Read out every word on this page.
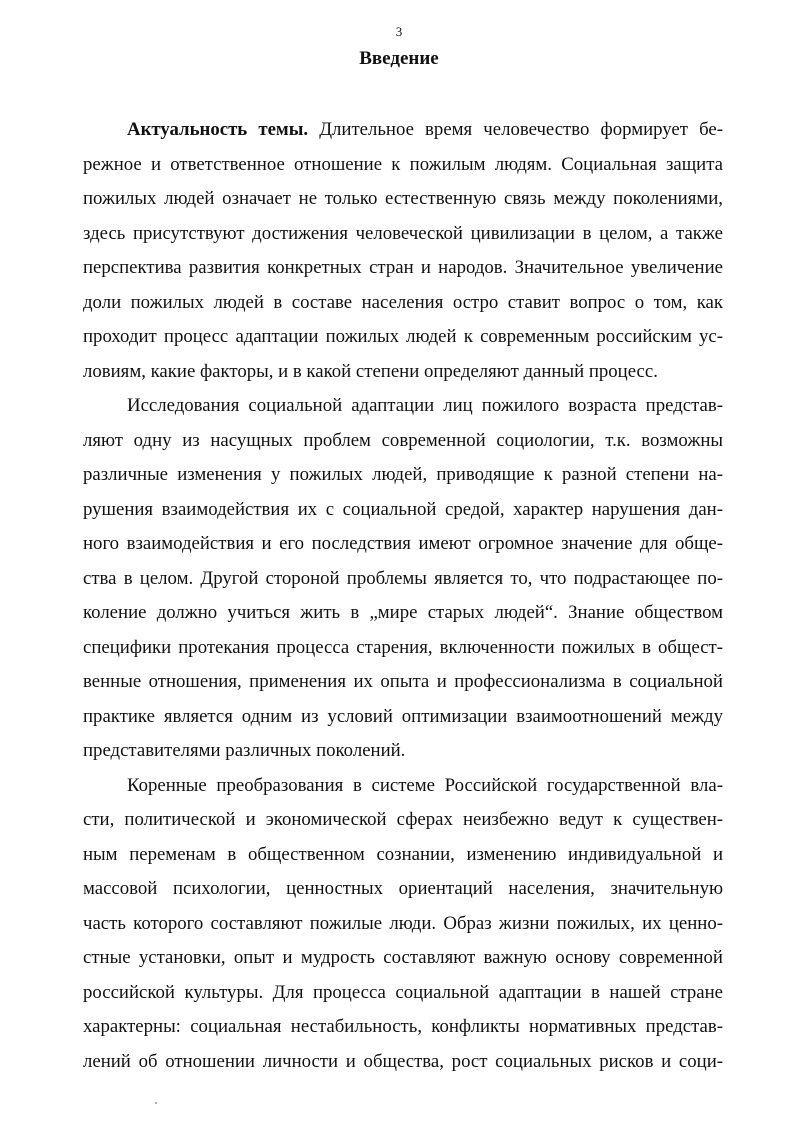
3
Введение
Актуальность темы. Длительное время человечество формирует бе-
режное и ответственное отношение к пожилым людям. Социальная защита
пожилых людей означает не только естественную связь между поколениями,
здесь присутствуют достижения человеческой цивилизации в целом, а также
перспектива развития конкретных стран и народов. Значительное увеличение
доли пожилых людей в составе населения остро ставит вопрос о том, как
проходит процесс адаптации пожилых людей к современным российским ус-
ловиям, какие факторы, и в какой степени определяют данный процесс.
Исследования социальной адаптации лиц пожилого возраста представ-
ляют одну из насущных проблем современной социологии, т.к. возможны
различные изменения у пожилых людей, приводящие к разной степени на-
рушения взаимодействия их с социальной средой, характер нарушения дан-
ного взаимодействия и его последствия имеют огромное значение для обще-
ства в целом. Другой стороной проблемы является то, что подрастающее по-
коление должно учиться жить в „мире старых людей“. Знание обществом
специфики протекания процесса старения, включенности пожилых в общест-
венные отношения, применения их опыта и профессионализма в социальной
практике является одним из условий оптимизации взаимоотношений между
представителями различных поколений.
Коренные преобразования в системе Российской государственной вла-
сти, политической и экономической сферах неизбежно ведут к существен-
ным переменам в общественном сознании, изменению индивидуальной и
массовой психологии, ценностных ориентаций населения, значительную
часть которого составляют пожилые люди. Образ жизни пожилых, их ценно-
стные установки, опыт и мудрость составляют важную основу современной
российской культуры. Для процесса социальной адаптации в нашей стране
характерны: социальная нестабильность, конфликты нормативных представ-
лений об отношении личности и общества, рост социальных рисков и соци-
